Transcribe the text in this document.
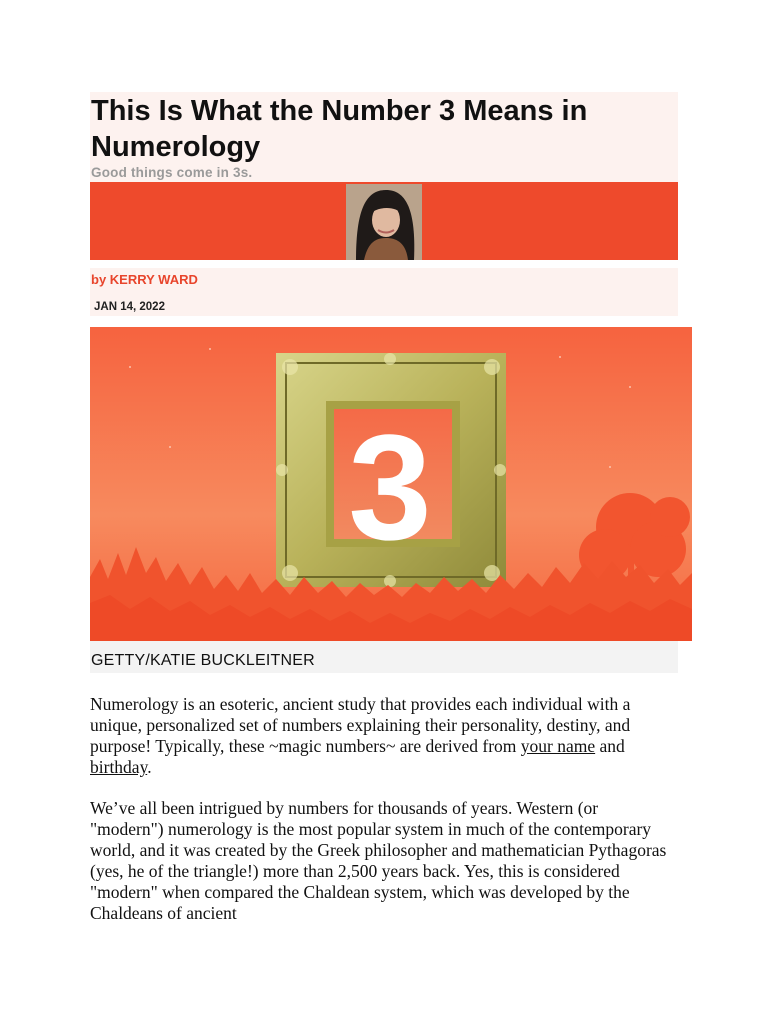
This Is What the Number 3 Means in Numerology
Good things come in 3s.
by KERRY WARD
JAN 14, 2022
3
GETTY/KATIE BUCKLEITNER

Numerology is an esoteric, ancient study that provides each individual with a unique, personalized set of numbers explaining their personality, destiny, and purpose! Typically, these ~magic numbers~ are derived from your name and birthday.

We’ve all been intrigued by numbers for thousands of years. Western (or "modern") numerology is the most popular system in much of the contemporary world, and it was created by the Greek philosopher and mathematician Pythagoras (yes, he of the triangle!) more than 2,500 years back. Yes, this is considered "modern" when compared the Chaldean system, which was developed by the Chaldeans of ancient
